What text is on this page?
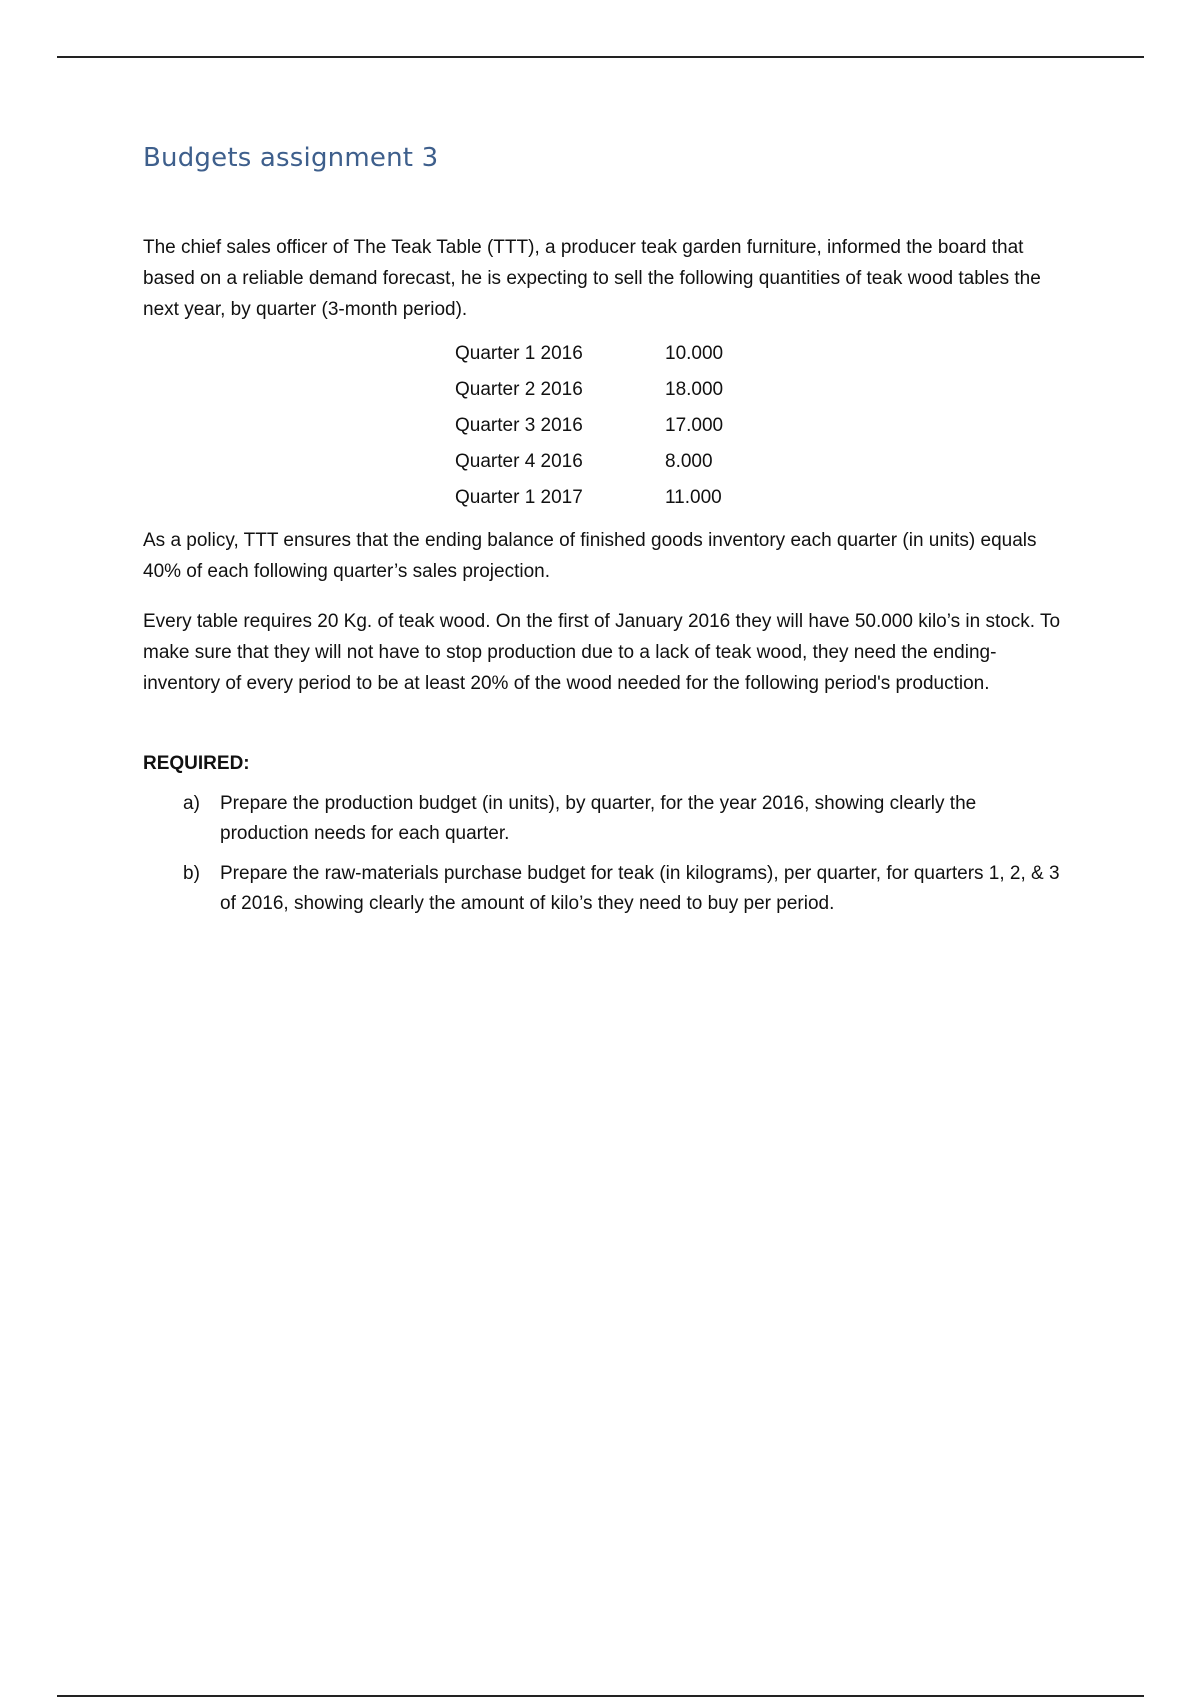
Budgets assignment 3

The chief sales officer of The Teak Table (TTT), a producer teak garden furniture, informed the board that based on a reliable demand forecast, he is expecting to sell the following quantities of teak wood tables the next year, by quarter (3-month period).

Quarter 1 2016	10.000
Quarter 2 2016	18.000
Quarter 3 2016	17.000
Quarter 4 2016	8.000
Quarter 1 2017	11.000

As a policy, TTT ensures that the ending balance of finished goods inventory each quarter (in units) equals 40% of each following quarter’s sales projection.

Every table requires 20 Kg. of teak wood. On the first of January 2016 they will have 50.000 kilo’s in stock. To make sure that they will not have to stop production due to a lack of teak wood, they need the ending-inventory of every period to be at least 20% of the wood needed for the following period's production.

REQUIRED:

a)	Prepare the production budget (in units), by quarter, for the year 2016, showing clearly the production needs for each quarter.
b)	Prepare the raw-materials purchase budget for teak (in kilograms), per quarter, for quarters 1, 2, & 3 of 2016, showing clearly the amount of kilo’s they need to buy per period.
